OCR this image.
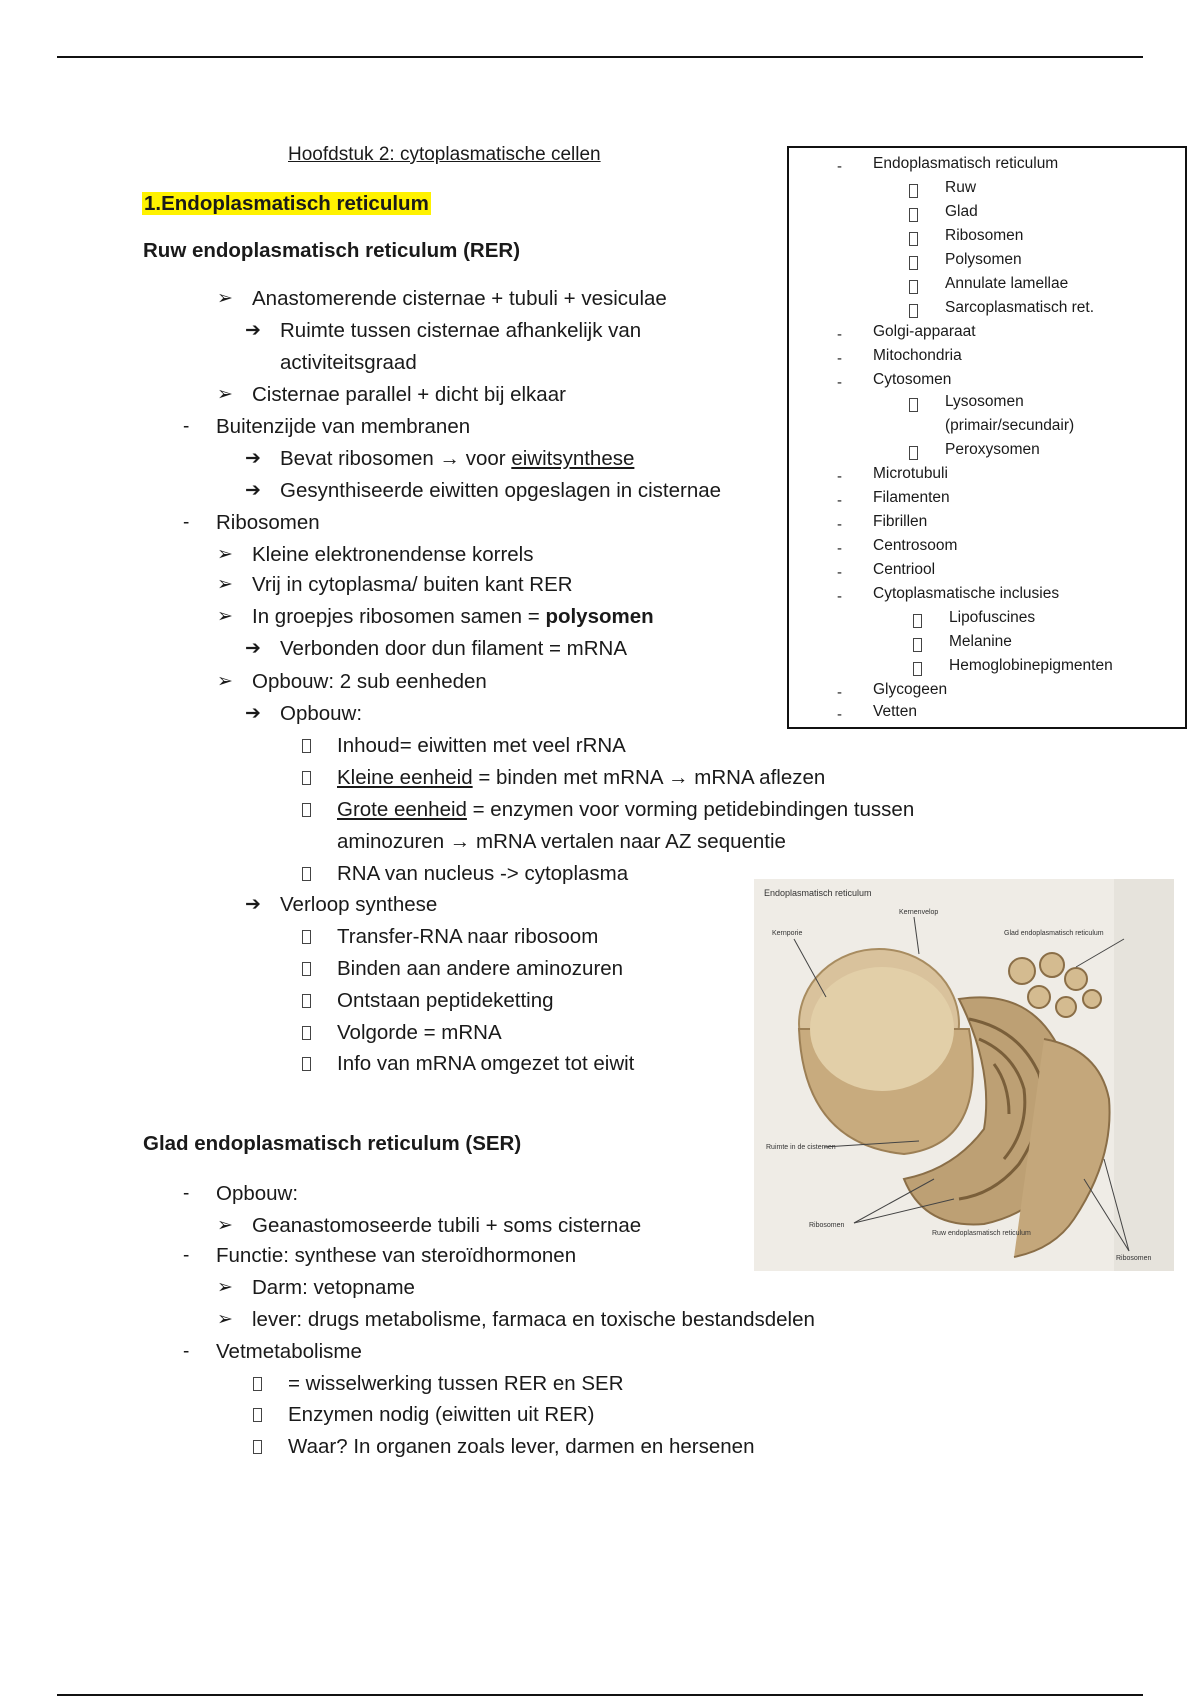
Hoofdstuk 2: cytoplasmatische cellen
1.Endoplasmatisch reticulum
Ruw endoplasmatisch reticulum (RER)
➢ Anastomerende cisternae + tubuli + vesiculae
➔ Ruimte tussen cisternae afhankelijk van
activiteitsgraad
➢ Cisternae parallel + dicht bij elkaar
- Buitenzijde van membranen
➔ Bevat ribosomen → voor eiwitsynthese
➔ Gesynthiseerde eiwitten opgeslagen in cisternae
- Ribosomen
➢ Kleine elektronendense korrels
➢ Vrij in cytoplasma/ buiten kant RER
➢ In groepjes ribosomen samen = polysomen
➔ Verbonden door dun filament = mRNA
➢ Opbouw: 2 sub eenheden
➔ Opbouw:
Inhoud= eiwitten met veel rRNA
Kleine eenheid = binden met mRNA → mRNA aflezen
Grote eenheid = enzymen voor vorming petidebindingen tussen
aminozuren → mRNA vertalen naar AZ sequentie
RNA van nucleus -> cytoplasma
➔ Verloop synthese
Transfer-RNA naar ribosoom
Binden aan andere aminozuren
Ontstaan peptideketting
Volgorde = mRNA
Info van mRNA omgezet tot eiwit
Glad endoplasmatisch reticulum (SER)
- Opbouw:
➢ Geanastomoseerde tubili + soms cisternae
- Functie: synthese van steroïdhormonen
➢ Darm: vetopname
➢ lever: drugs metabolisme, farmaca en toxische bestandsdelen
- Vetmetabolisme
= wisselwerking tussen RER en SER
Enzymen nodig (eiwitten uit RER)
Waar? In organen zoals lever, darmen en hersenen
- Endoplasmatisch reticulum
Ruw
Glad
Ribosomen
Polysomen
Annulate lamellae
Sarcoplasmatisch ret.
- Golgi-apparaat
- Mitochondria
- Cytosomen
Lysosomen
(primair/secundair)
Peroxysomen
- Microtubuli
- Filamenten
- Fibrillen
- Centrosoom
- Centriool
- Cytoplasmatische inclusies
Lipofuscines
Melanine
Hemoglobinepigmenten
- Glycogeen
- Vetten
Endoplasmatisch reticulum
Kernporie
Kernenvelop
Glad endoplasmatisch reticulum
Ruimte in de cisternen
Ribosomen
Ruw endoplasmatisch reticulum
Ribosomen
